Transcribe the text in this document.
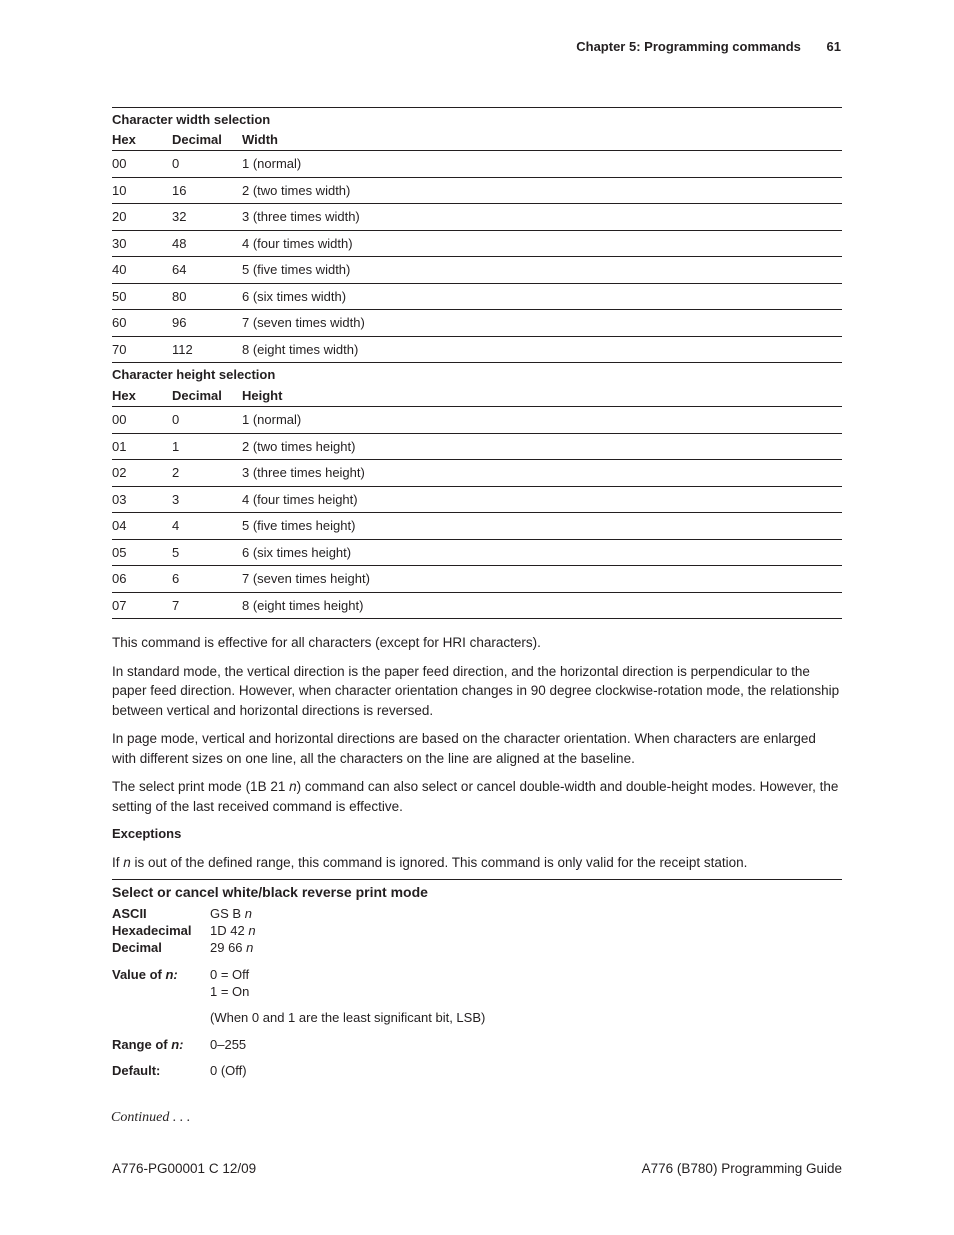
Chapter 5: Programming commands 61
Character width selection		
Hex	Decimal	Width
00	0	1 (normal)
10	16	2 (two times width)
20	32	3 (three times width)
30	48	4 (four times width)
40	64	5 (five times width)
50	80	6 (six times width)
60	96	7 (seven times width)
70	112	8 (eight times width)
Character height selection		
Hex	Decimal	Height
00	0	1 (normal)
01	1	2 (two times height)
02	2	3 (three times height)
03	3	4 (four times height)
04	4	5 (five times height)
05	5	6 (six times height)
06	6	7 (seven times height)
07	7	8 (eight times height)

This command is effective for all characters (except for HRI characters).

In standard mode, the vertical direction is the paper feed direction, and the horizontal direction is perpendicular to the paper feed direction. However, when character orientation changes in 90 degree clockwise-rotation mode, the relationship between vertical and horizontal directions is reversed.

In page mode, vertical and horizontal directions are based on the character orientation. When characters are enlarged with different sizes on one line, all the characters on the line are aligned at the baseline.

The select print mode (1B 21 n) command can also select or cancel double-width and double-height modes. However, the setting of the last received command is effective.

Exceptions

If n is out of the defined range, this command is ignored. This command is only valid for the receipt station.

Select or cancel white/black reverse print mode

ASCII	GS B n
Hexadecimal 1D 42 n
Decimal	29 66 n
Value of n: 0 = Off
1 = On
(When 0 and 1 are the least significant bit, LSB)
Range of n: 0–255
Default:	0 (Off)
Continued . . .
A776-PG00001 C 12/09	A776 (B780) Programming Guide
